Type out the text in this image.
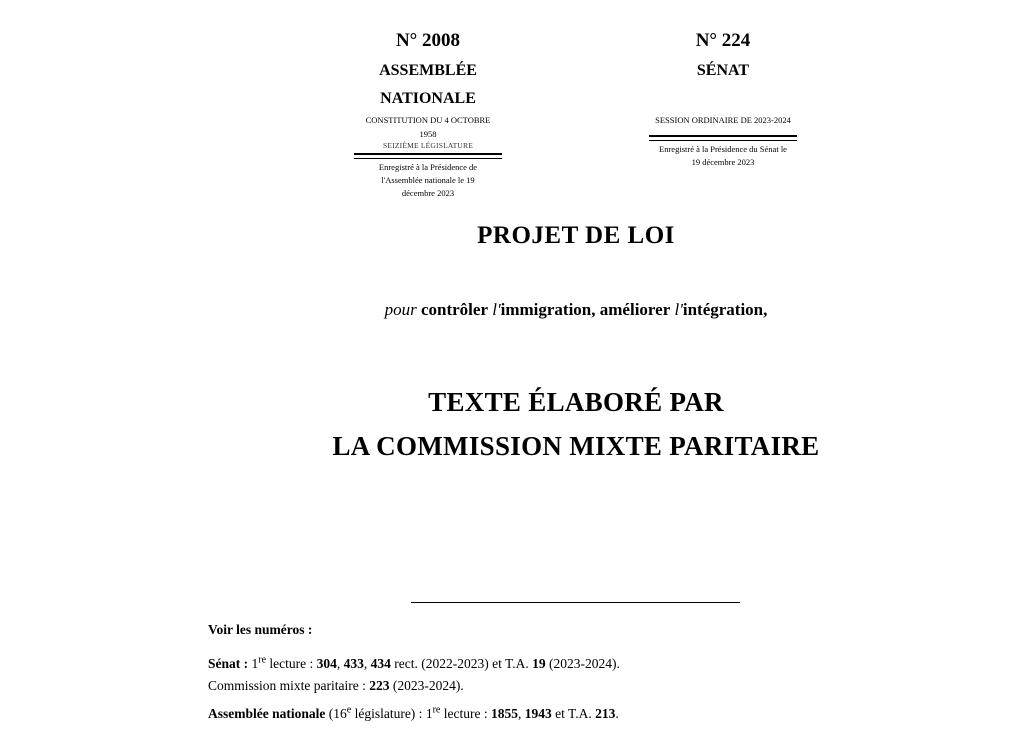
N° 2008
ASSEMBLÉE
NATIONALE
CONSTITUTION DU 4 OCTOBRE 1958
SEIZIÈME LÉGISLATURE
Enregistré à la Présidence de l'Assemblée nationale le 19 décembre 2023
N° 224
SÉNAT
SESSION ORDINAIRE DE 2023-2024
Enregistré à la Présidence du Sénat le 19 décembre 2023
PROJET DE LOI
pour contrôler l'immigration, améliorer l'intégration,
TEXTE ÉLABORÉ PAR
LA COMMISSION MIXTE PARITAIRE
Voir les numéros :
Sénat : 1re lecture : 304, 433, 434 rect. (2022-2023) et T.A. 19 (2023-2024).
Commission mixte paritaire : 223 (2023-2024).
Assemblée nationale (16e législature) : 1re lecture : 1855, 1943 et T.A. 213.
